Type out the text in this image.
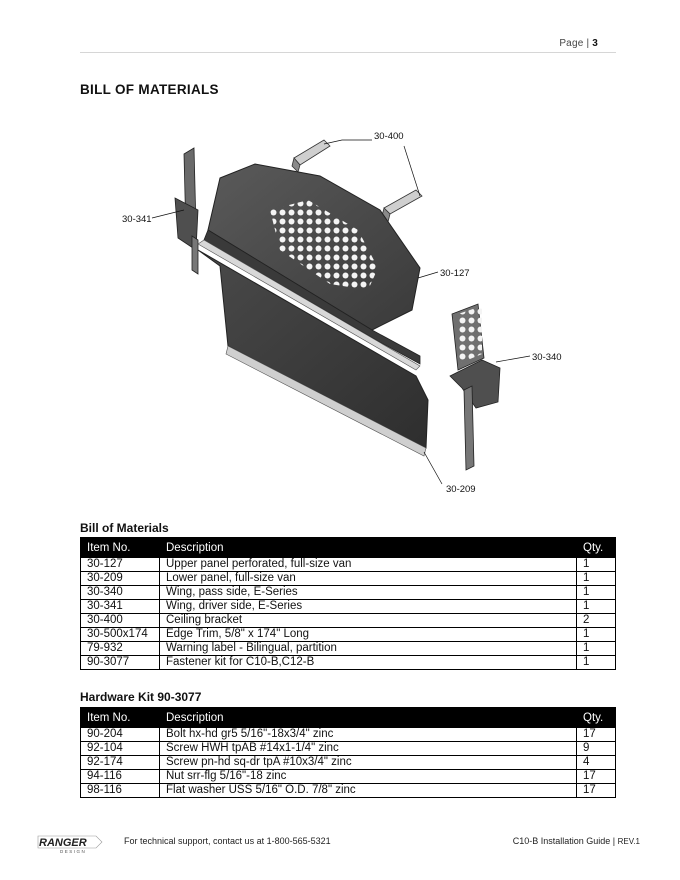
Page | 3
BILL OF MATERIALS
30-400
30-341
30-127
30-340
30-209
Bill of Materials
Item No.	Description	Qty.
30-127	Upper panel perforated, full-size van	1
30-209	Lower panel, full-size van	1
30-340	Wing, pass side, E-Series	1
30-341	Wing, driver side, E-Series	1
30-400	Ceiling bracket	2
30-500x174	Edge Trim, 5/8" x 174" Long	1
79-932	Warning label - Bilingual, partition	1
90-3077	Fastener kit for C10-B,C12-B	1
Hardware Kit 90-3077
Item No.	Description	Qty.
90-204	Bolt hx-hd gr5 5/16"-18x3/4" zinc	17
92-104	Screw HWH tpAB #14x1-1/4" zinc	9
92-174	Screw pn-hd sq-dr tpA #10x3/4" zinc	4
94-116	Nut srr-flg 5/16"-18 zinc	17
98-116	Flat washer USS 5/16" O.D. 7/8" zinc	17
RANGER
DESIGN
For technical support, contact us at 1-800-565-5321	C10-B Installation Guide | REV.1
